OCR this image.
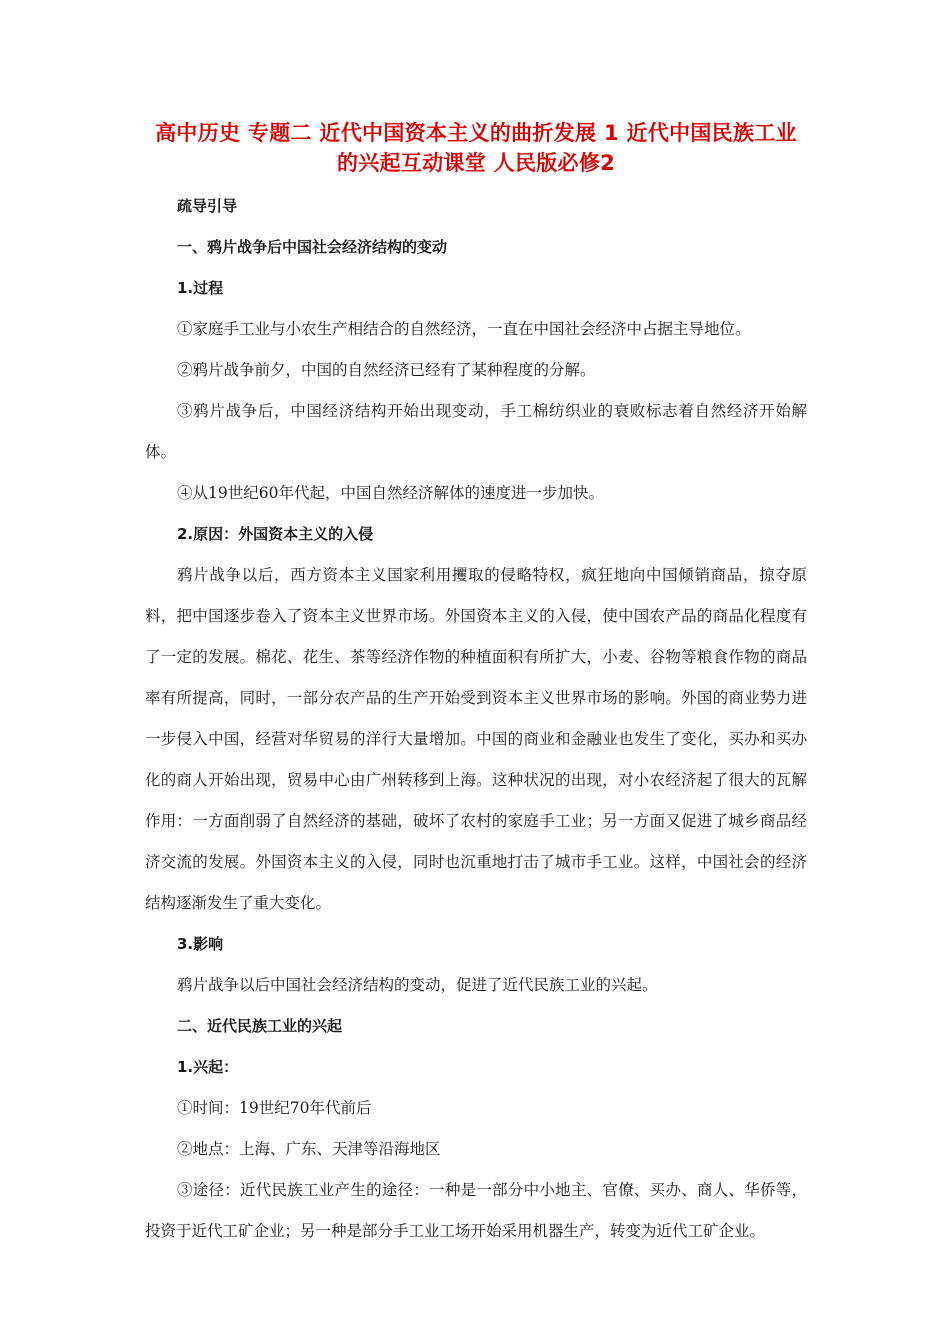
高中历史 专题二 近代中国资本主义的曲折发展 1 近代中国民族工业的兴起互动课堂 人民版必修2

疏导引导

一、鸦片战争后中国社会经济结构的变动

1.过程

①家庭手工业与小农生产相结合的自然经济，一直在中国社会经济中占据主导地位。

②鸦片战争前夕，中国的自然经济已经有了某种程度的分解。

③鸦片战争后，中国经济结构开始出现变动，手工棉纺织业的衰败标志着自然经济开始解体。

④从19世纪60年代起，中国自然经济解体的速度进一步加快。

2.原因：外国资本主义的入侵

鸦片战争以后，西方资本主义国家利用攫取的侵略特权，疯狂地向中国倾销商品，掠夺原料，把中国逐步卷入了资本主义世界市场。外国资本主义的入侵，使中国农产品的商品化程度有了一定的发展。棉花、花生、茶等经济作物的种植面积有所扩大，小麦、谷物等粮食作物的商品率有所提高，同时，一部分农产品的生产开始受到资本主义世界市场的影响。外国的商业势力进一步侵入中国，经营对华贸易的洋行大量增加。中国的商业和金融业也发生了变化，买办和买办化的商人开始出现，贸易中心由广州转移到上海。这种状况的出现，对小农经济起了很大的瓦解作用：一方面削弱了自然经济的基础，破坏了农村的家庭手工业；另一方面又促进了城乡商品经济交流的发展。外国资本主义的入侵，同时也沉重地打击了城市手工业。这样，中国社会的经济结构逐渐发生了重大变化。

3.影响

鸦片战争以后中国社会经济结构的变动，促进了近代民族工业的兴起。

二、近代民族工业的兴起

1.兴起：

①时间：19世纪70年代前后

②地点：上海、广东、天津等沿海地区

③途径：近代民族工业产生的途径：一种是一部分中小地主、官僚、买办、商人、华侨等，投资于近代工矿企业；另一种是部分手工业工场开始采用机器生产，转变为近代工矿企业。
